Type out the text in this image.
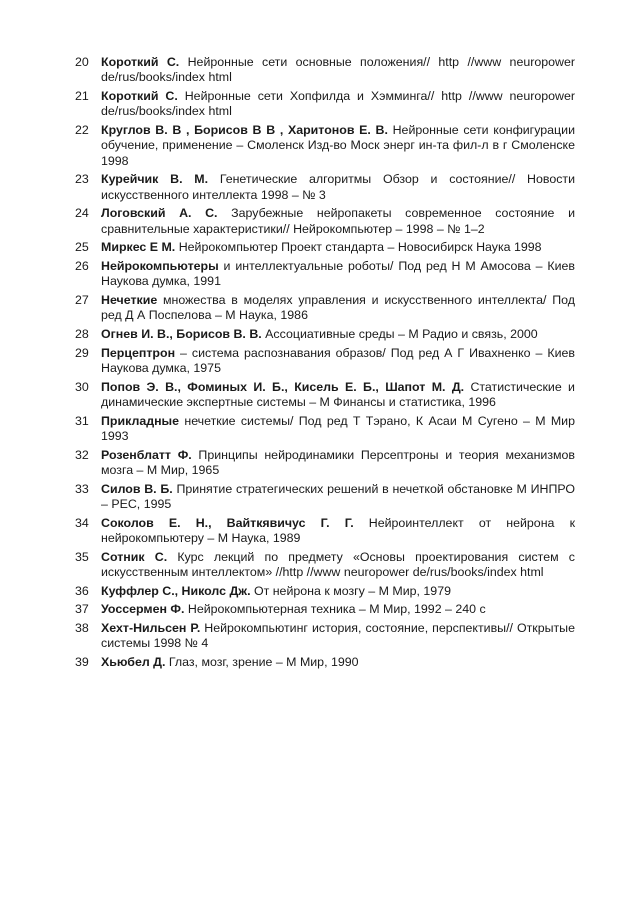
20 Короткий С. Нейронные сети основные положения// http //www neuropower de/rus/books/index html
21 Короткий С. Нейронные сети Хопфилда и Хэмминга// http //www neuropower de/rus/books/index html
22 Круглов В. В , Борисов В В , Харитонов Е. В. Нейронные сети конфигурации обучение, применение – Смоленск Изд-во Моск энерг ин-та фил-л в г Смоленске 1998
23 Курейчик В. М. Генетические алгоритмы Обзор и состояние// Новости искусственного интеллекта 1998 – № 3
24 Логовский А. С. Зарубежные нейропакеты современное состояние и сравнительные характеристики// Нейрокомпьютер – 1998 – № 1–2
25 Миркес Е М. Нейрокомпьютер Проект стандарта – Новосибирск Наука 1998
26 Нейрокомпьютеры и интеллектуальные роботы/ Под ред Н М Амосова – Киев Наукова думка, 1991
27 Нечеткие множества в моделях управления и искусственного интеллекта/ Под ред Д А Поспелова – М Наука, 1986
28 Огнев И. В., Борисов В. В. Ассоциативные среды – М Радио и связь, 2000
29 Перцептрон – система распознавания образов/ Под ред А Г Ивахненко – Киев Наукова думка, 1975
30 Попов Э. В., Фоминых И. Б., Кисель Е. Б., Шапот М. Д. Статистические и динамические экспертные системы – М Финансы и статистика, 1996
31 Прикладные нечеткие системы/ Под ред Т Тэрано, К Асаи М Сугено – М Мир 1993
32 Розенблатт Ф. Принципы нейродинамики Персептроны и теория механизмов мозга – М Мир, 1965
33 Силов В. Б. Принятие стратегических решений в нечеткой обстановке М ИНПРО – РЕС, 1995
34 Соколов Е. Н., Вайткявичус Г. Г. Нейроинтеллект от нейрона к нейрокомпьютеру – М Наука, 1989
35 Сотник С. Курс лекций по предмету «Основы проектирования систем с искусственным интеллектом» //http //www neuropower de/rus/books/index html
36 Куффлер С., Николс Дж. От нейрона к мозгу – М Мир, 1979
37 Уоссермен Ф. Нейрокомпьютерная техника – М Мир, 1992 – 240 с
38 Хехт-Нильсен Р. Нейрокомпьютинг история, состояние, перспективы// Открытые системы 1998 № 4
39 Хьюбел Д. Глаз, мозг, зрение – М Мир, 1990
